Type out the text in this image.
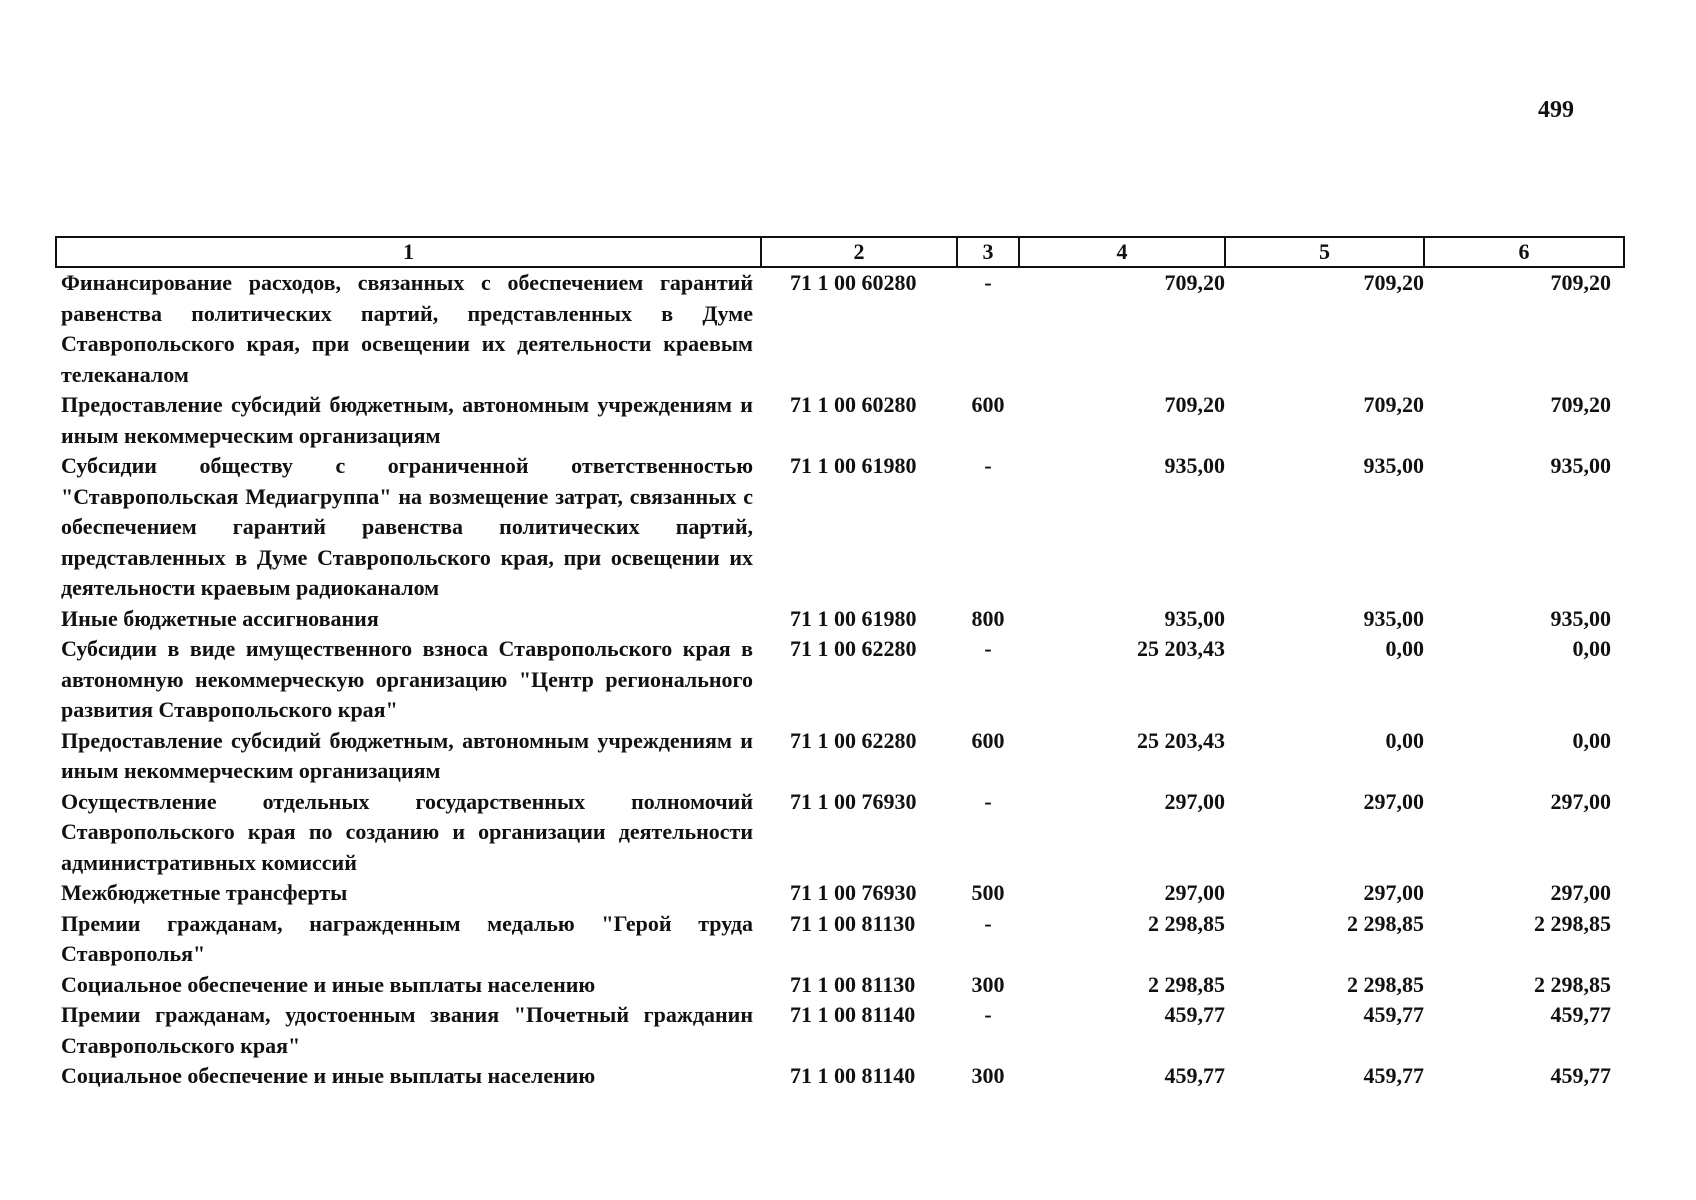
499
1	2	3	4	5	6
Финансирование расходов, связанных с обеспечением гарантий равенства политических партий, представленных в Думе Ставропольского края, при освещении их деятельности краевым телеканалом	71 1 00 60280	-	709,20	709,20	709,20
Предоставление субсидий бюджетным, автономным учреждениям и иным некоммерческим организациям	71 1 00 60280	600	709,20	709,20	709,20
Субсидии обществу с ограниченной ответственностью "Ставропольская Медиагруппа" на возмещение затрат, связанных с обеспечением гарантий равенства политических партий, представленных в Думе Ставропольского края, при освещении их деятельности краевым радиоканалом	71 1 00 61980	-	935,00	935,00	935,00
Иные бюджетные ассигнования	71 1 00 61980	800	935,00	935,00	935,00
Субсидии в виде имущественного взноса Ставропольского края в автономную некоммерческую организацию "Центр регионального развития Ставропольского края"	71 1 00 62280	-	25 203,43	0,00	0,00
Предоставление субсидий бюджетным, автономным учреждениям и иным некоммерческим организациям	71 1 00 62280	600	25 203,43	0,00	0,00
Осуществление отдельных государственных полномочий Ставропольского края по созданию и организации деятельности административных комиссий	71 1 00 76930	-	297,00	297,00	297,00
Межбюджетные трансферты	71 1 00 76930	500	297,00	297,00	297,00
Премии гражданам, награжденным медалью "Герой труда Ставрополья"	71 1 00 81130	-	2 298,85	2 298,85	2 298,85
Социальное обеспечение и иные выплаты населению	71 1 00 81130	300	2 298,85	2 298,85	2 298,85
Премии гражданам, удостоенным звания "Почетный гражданин Ставропольского края"	71 1 00 81140	-	459,77	459,77	459,77
Социальное обеспечение и иные выплаты населению	71 1 00 81140	300	459,77	459,77	459,77
